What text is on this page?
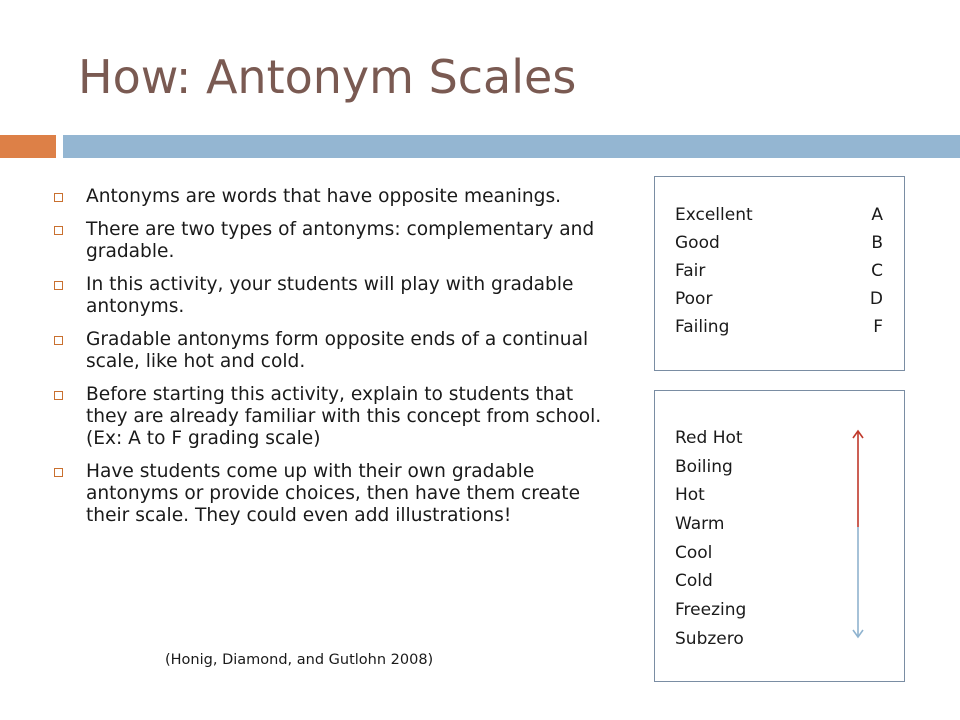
How: Antonym Scales
Antonyms are words that have opposite meanings.
There are two types of antonyms: complementary and gradable.
In this activity, your students will play with gradable antonyms.
Gradable antonyms form opposite ends of a continual scale, like hot and cold.
Before starting this activity, explain to students that they are already familiar with this concept from school. (Ex: A to F grading scale)
Have students come up with their own gradable antonyms or provide choices, then have them create their scale. They could even add illustrations!
(Honig, Diamond, and Gutlohn 2008)
Excellent	A
Good	B
Fair	C
Poor	D
Failing	F
Red Hot
Boiling
Hot
Warm
Cool
Cold
Freezing
Subzero
